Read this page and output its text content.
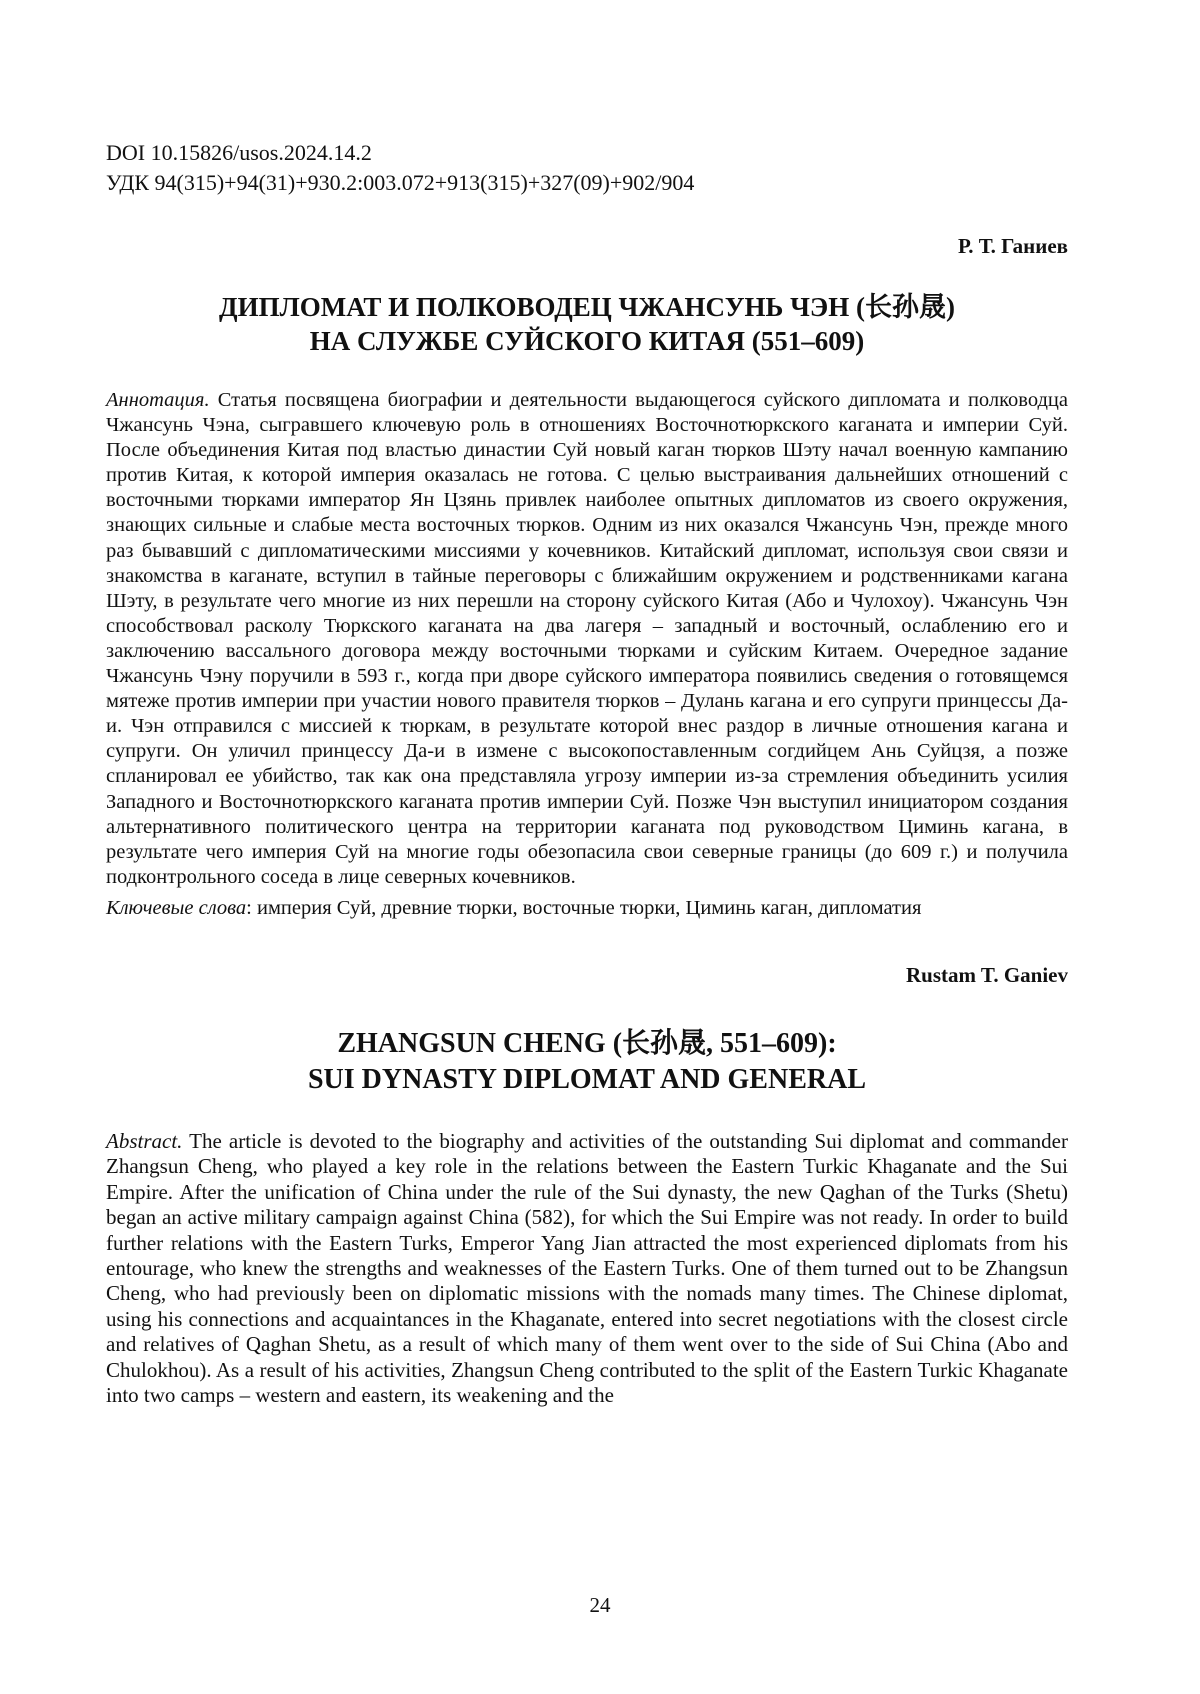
DOI 10.15826/usos.2024.14.2

УДК 94(315)+94(31)+930.2:003.072+913(315)+327(09)+902/904

Р. Т. Ганиев

ДИПЛОМАТ И ПОЛКОВОДЕЦ ЧЖАНСУНЬ ЧЭН (长孙晟)
НА СЛУЖБЕ СУЙСКОГО КИТАЯ (551–609)

Аннотация. Статья посвящена биографии и деятельности выдающегося суйского дипломата и полководца Чжансунь Чэна, сыгравшего ключевую роль в отношениях Восточнотюркского каганата и империи Суй. После объединения Китая под властью династии Суй новый каган тюрков Шэту начал военную кампанию против Китая, к которой империя оказалась не готова. С целью выстраивания дальнейших отношений с восточными тюрками император Ян Цзянь привлек наиболее опытных дипломатов из своего окружения, знающих сильные и слабые места восточных тюрков. Одним из них оказался Чжансунь Чэн, прежде много раз бывавший с дипломатическими миссиями у кочевников. Китайский дипломат, используя свои связи и знакомства в каганате, вступил в тайные переговоры с ближайшим окружением и родственниками кагана Шэту, в результате чего многие из них перешли на сторону суйского Китая (Або и Чулохоу). Чжансунь Чэн способствовал расколу Тюркского каганата на два лагеря – западный и восточный, ослаблению его и заключению вассального договора между восточными тюрками и суйским Китаем. Очередное задание Чжансунь Чэну поручили в 593 г., когда при дворе суйского императора появились сведения о готовящемся мятеже против империи при участии нового правителя тюрков – Дулань кагана и его супруги принцессы Да-и. Чэн отправился с миссией к тюркам, в результате которой внес раздор в личные отношения кагана и супруги. Он уличил принцессу Да-и в измене с высокопоставленным согдийцем Ань Суйцзя, а позже спланировал ее убийство, так как она представляла угрозу империи из-за стремления объединить усилия Западного и Восточнотюркского каганата против империи Суй. Позже Чэн выступил инициатором создания альтернативного политического центра на территории каганата под руководством Циминь кагана, в результате чего империя Суй на многие годы обезопасила свои северные границы (до 609 г.) и получила подконтрольного соседа в лице северных кочевников.

Ключевые слова: империя Суй, древние тюрки, восточные тюрки, Циминь каган, дипломатия

Rustam T. Ganiev

ZHANGSUN CHENG (长孙晟, 551–609):
SUI DYNASTY DIPLOMAT AND GENERAL

Abstract. The article is devoted to the biography and activities of the outstanding Sui diplomat and commander Zhangsun Cheng, who played a key role in the relations between the Eastern Turkic Khaganate and the Sui Empire. After the unification of China under the rule of the Sui dynasty, the new Qaghan of the Turks (Shetu) began an active military campaign against China (582), for which the Sui Empire was not ready. In order to build further relations with the Eastern Turks, Emperor Yang Jian attracted the most experienced diplomats from his entourage, who knew the strengths and weaknesses of the Eastern Turks. One of them turned out to be Zhangsun Cheng, who had previously been on diplomatic missions with the nomads many times. The Chinese diplomat, using his connections and acquaintances in the Khaganate, entered into secret negotiations with the closest circle and relatives of Qaghan Shetu, as a result of which many of them went over to the side of Sui China (Abo and Chulokhou). As a result of his activities, Zhangsun Cheng contributed to the split of the Eastern Turkic Khaganate into two camps – western and eastern, its weakening and the

24
